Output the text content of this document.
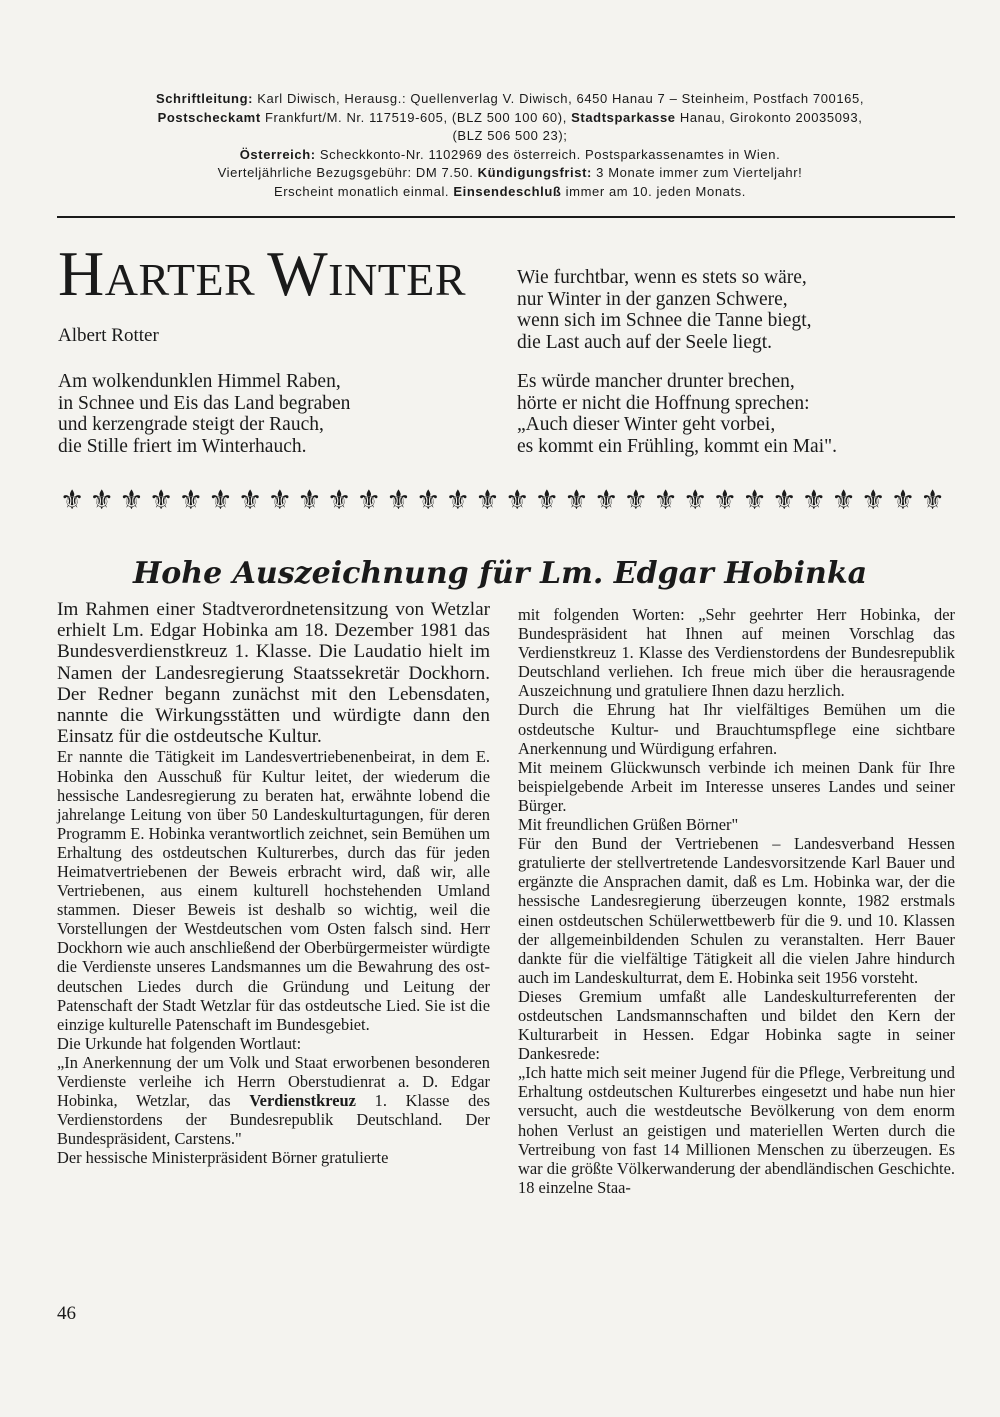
Schriftleitung: Karl Diwisch, Herausg.: Quellenverlag V. Diwisch, 6450 Hanau 7 – Steinheim, Postfach 700165,
Postscheckamt Frankfurt/M. Nr. 117519-605, (BLZ 500 100 60), Stadtsparkasse Hanau, Girokonto 20035093,
(BLZ 506 500 23);
Österreich: Scheckkonto-Nr. 1102969 des österreich. Postsparkassenamtes in Wien.
Vierteljährliche Bezugsgebühr: DM 7.50. Kündigungsfrist: 3 Monate immer zum Vierteljahr!
Erscheint monatlich einmal. Einsendeschluß immer am 10. jeden Monats.
HARTER WINTER
Albert Rotter
Am wolkendunklen Himmel Raben,
in Schnee und Eis das Land begraben
und kerzengrade steigt der Rauch,
die Stille friert im Winterhauch.
Wie furchtbar, wenn es stets so wäre,
nur Winter in der ganzen Schwere,
wenn sich im Schnee die Tanne biegt,
die Last auch auf der Seele liegt.
Es würde mancher drunter brechen,
hörte er nicht die Hoffnung sprechen:
„Auch dieser Winter geht vorbei,
es kommt ein Frühling, kommt ein Mai".
⚜ ⚜ ⚜ ⚜ ⚜ ⚜ ⚜ ⚜ ⚜ ⚜ ⚜ ⚜ ⚜ ⚜ ⚜ ⚜ ⚜ ⚜ ⚜ ⚜ ⚜ ⚜ ⚜ ⚜ ⚜ ⚜ ⚜ ⚜ ⚜ ⚜
Hohe Auszeichnung für Lm. Edgar Hobinka

Im Rahmen einer Stadtverordnetensitzung von Wetzlar erhielt Lm. Edgar Hobinka am 18. Dezember 1981 das Bundesverdienstkreuz 1. Klasse. Die Laudatio hielt im Namen der Landesregierung Staatssekretär Dockhorn. Der Redner begann zunächst mit den Lebensdaten, nannte die Wirkungsstätten und würdigte dann den Einsatz für die ostdeutsche Kultur.

Er nannte die Tätigkeit im Landesvertriebenenbeirat, in dem E. Hobinka den Ausschuß für Kultur leitet, der wiederum die hessische Landesregierung zu beraten hat, erwähnte lobend die jahrelange Leitung von über 50 Landeskulturtagungen, für deren Programm E. Hobinka verantwortlich zeichnet, sein Bemühen um Erhaltung des ostdeutschen Kulturerbes, durch das für jeden Heimatvertriebenen der Beweis erbracht wird, daß wir, alle Vertriebenen, aus einem kulturell hochstehenden Umland stammen. Dieser Beweis ist deshalb so wichtig, weil die Vorstellungen der Westdeutschen vom Osten falsch sind. Herr Dockhorn wie auch anschließend der Oberbürgermeister würdigte die Verdienste unseres Landsmannes um die Bewahrung des ostdeutschen Liedes durch die Gründung und Leitung der Patenschaft der Stadt Wetzlar für das ostdeutsche Lied. Sie ist die einzige kulturelle Patenschaft im Bundesgebiet.

Die Urkunde hat folgenden Wortlaut:

„In Anerkennung der um Volk und Staat erworbenen besonderen Verdienste verleihe ich Herrn Oberstudienrat a. D. Edgar Hobinka, Wetzlar, das Verdienstkreuz 1. Klasse des Verdienstordens der Bundesrepublik Deutschland. Der Bundespräsident, Carstens."

Der hessische Ministerpräsident Börner gratulierte

mit folgenden Worten: „Sehr geehrter Herr Hobinka, der Bundespräsident hat Ihnen auf meinen Vorschlag das Verdienstkreuz 1. Klasse des Verdienstordens der Bundesrepublik Deutschland verliehen. Ich freue mich über die herausragende Auszeichnung und gratuliere Ihnen dazu herzlich.

Durch die Ehrung hat Ihr vielfältiges Bemühen um die ostdeutsche Kultur- und Brauchtumspflege eine sichtbare Anerkennung und Würdigung erfahren.

Mit meinem Glückwunsch verbinde ich meinen Dank für Ihre beispielgebende Arbeit im Interesse unseres Landes und seiner Bürger.

Mit freundlichen Grüßen Börner"

Für den Bund der Vertriebenen – Landesverband Hessen gratulierte der stellvertretende Landesvorsitzende Karl Bauer und ergänzte die Ansprachen damit, daß es Lm. Hobinka war, der die hessische Landesregierung überzeugen konnte, 1982 erstmals einen ostdeutschen Schülerwettbewerb für die 9. und 10. Klassen der allgemeinbildenden Schulen zu veranstalten. Herr Bauer dankte für die vielfältige Tätigkeit all die vielen Jahre hindurch auch im Landeskulturrat, dem E. Hobinka seit 1956 vorsteht.

Dieses Gremium umfaßt alle Landeskulturreferenten der ostdeutschen Landsmannschaften und bildet den Kern der Kulturarbeit in Hessen. Edgar Hobinka sagte in seiner Dankesrede:

„Ich hatte mich seit meiner Jugend für die Pflege, Verbreitung und Erhaltung ostdeutschen Kulturerbes eingesetzt und habe nun hier versucht, auch die westdeutsche Bevölkerung von dem enorm hohen Verlust an geistigen und materiellen Werten durch die Vertreibung von fast 14 Millionen Menschen zu überzeugen. Es war die größte Völkerwanderung der abendländischen Geschichte. 18 einzelne Staa-

46
